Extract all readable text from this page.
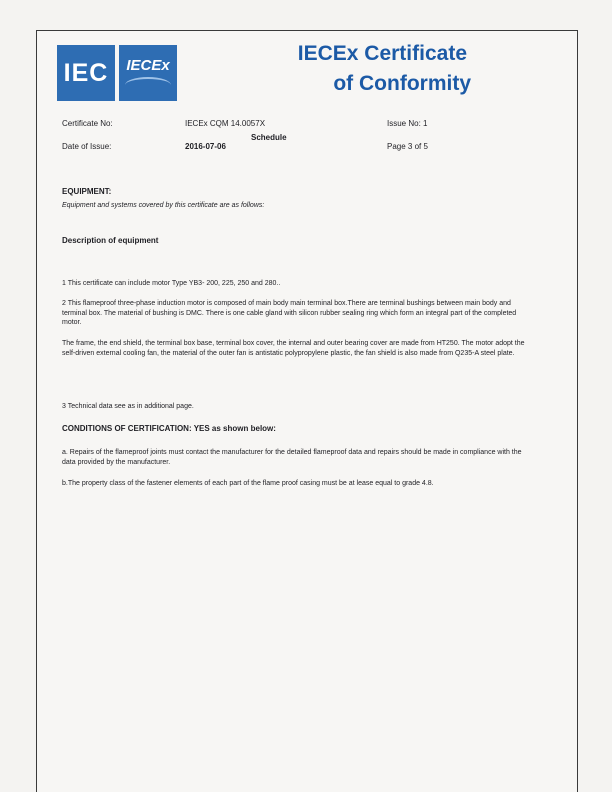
IEC IECEx
IECEx Certificate
of Conformity
Certificate No:	IECEx CQM 14.0057X	Issue No: 1
Date of Issue:	2016-07-06	Page 3 of 5
Schedule
EQUIPMENT:
Equipment and systems covered by this certificate are as follows:
Description of equipment
1 This certificate can include motor Type YB3- 200, 225, 250 and 280..
2 This flameproof three-phase induction motor is composed of main body main terminal box.There are terminal bushings between main body and terminal box. The material of bushing is DMC. There is one cable gland with silicon rubber sealing ring which form an integral part of the completed motor.
The frame, the end shield, the terminal box base, terminal box cover, the internal and outer bearing cover are made from HT250. The motor adopt the self-driven external cooling fan, the material of the outer fan is antistatic polypropylene plastic, the fan shield is also made from Q235-A steel plate.
3 Technical data see as in additional page.
CONDITIONS OF CERTIFICATION: YES as shown below:
a. Repairs of the flameproof joints must contact the manufacturer for the detailed flameproof data and repairs should be made in compliance with the data provided by the manufacturer.
b.The property class of the fastener elements of each part of the flame proof casing must be at lease equal to grade 4.8.
